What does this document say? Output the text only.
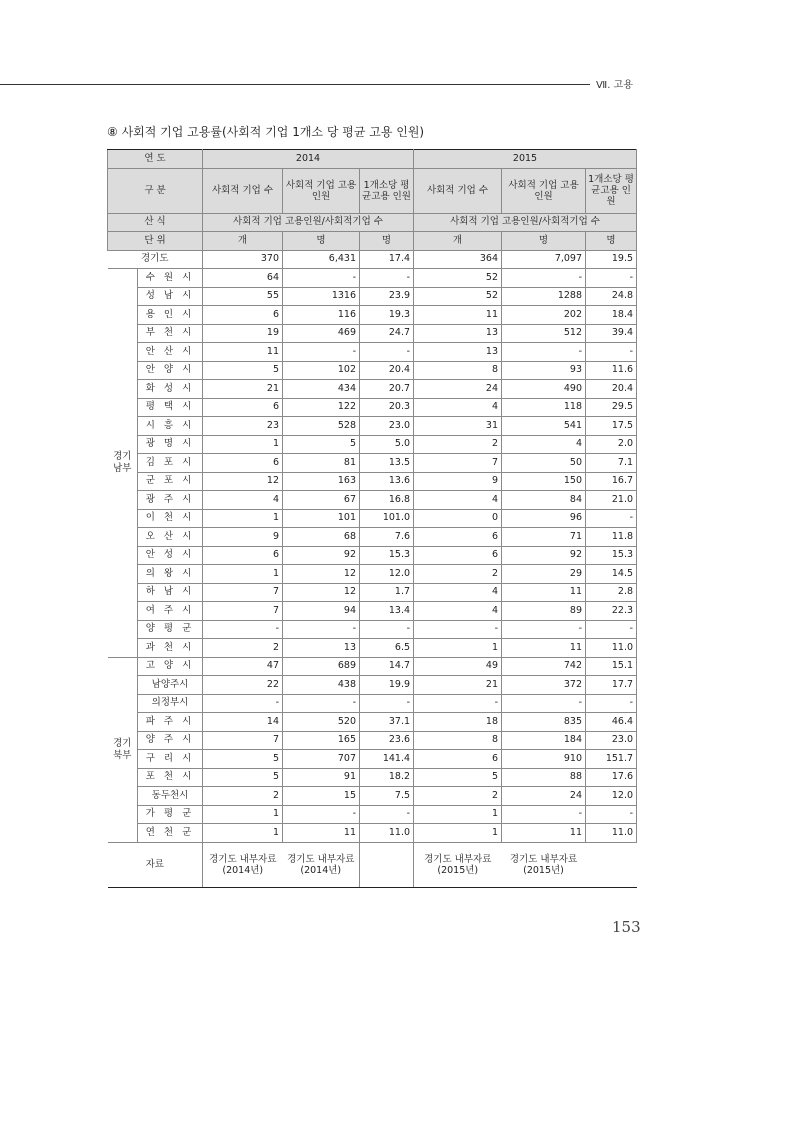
Ⅶ. 고용
⑧ 사회적 기업 고용률(사회적 기업 1개소 당 평균 고용 인원)
연 도		2014			2015		
구 분		사회적 기업 수	사회적 기업 고용인원	1개소당 평균고용 인원	사회적 기업 수	사회적 기업 고용인원	1개소당 평균고용 인원
산 식		사회적 기업 고용인원/사회적기업 수			사회적 기업 고용인원/사회적기업 수		
단 위		개	명	명	개	명	명
경기도		370	6,431	17.4	364	7,097	19.5
경기 남부	수 원 시	64	-	-	52	-	-
	성 남 시	55	1316	23.9	52	1288	24.8
	용 인 시	6	116	19.3	11	202	18.4
	부 천 시	19	469	24.7	13	512	39.4
	안 산 시	11	-	-	13	-	-
	안 양 시	5	102	20.4	8	93	11.6
	화 성 시	21	434	20.7	24	490	20.4
	평 택 시	6	122	20.3	4	118	29.5
	시 흥 시	23	528	23.0	31	541	17.5
	광 명 시	1	5	5.0	2	4	2.0
	김 포 시	6	81	13.5	7	50	7.1
	군 포 시	12	163	13.6	9	150	16.7
	광 주 시	4	67	16.8	4	84	21.0
	이 천 시	1	101	101.0	0	96	-
	오 산 시	9	68	7.6	6	71	11.8
	안 성 시	6	92	15.3	6	92	15.3
	의 왕 시	1	12	12.0	2	29	14.5
	하 남 시	7	12	1.7	4	11	2.8
	여 주 시	7	94	13.4	4	89	22.3
	양 평 군	-	-	-	-	-	-
	과 천 시	2	13	6.5	1	11	11.0
경기 북부	고 양 시	47	689	14.7	49	742	15.1
	남양주시	22	438	19.9	21	372	17.7
	의정부시	-	-	-	-	-	-
	파 주 시	14	520	37.1	18	835	46.4
	양 주 시	7	165	23.6	8	184	23.0
	구 리 시	5	707	141.4	6	910	151.7
	포 천 시	5	91	18.2	5	88	17.6
	동두천시	2	15	7.5	2	24	12.0
	가 평 군	1	-	-	1	-	-
	연 천 군	1	11	11.0	1	11	11.0
자료		경기도 내부자료 (2014년)	경기도 내부자료 (2014년)		경기도 내부자료 (2015년)	경기도 내부자료 (2015년)	
153
